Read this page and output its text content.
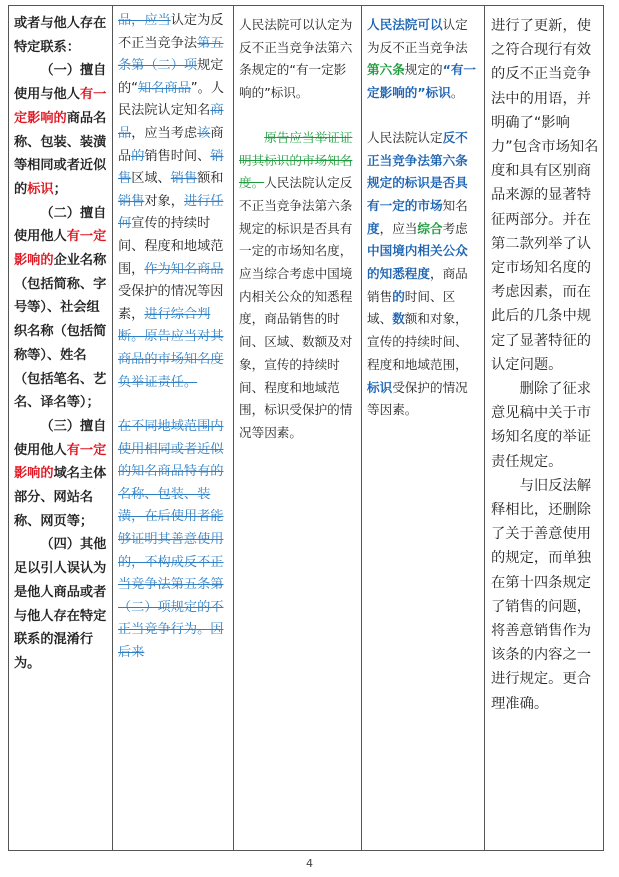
或者与他人存在特定联系：

（一）擅自使用与他人有一定影响的商品名称、包装、装潢等相同或者近似的标识；

（二）擅自使用他人有一定影响的企业名称（包括简称、字号等）、社会组织名称（包括简称等）、姓名（包括笔名、艺名、译名等）；

（三）擅自使用他人有一定影响的域名主体部分、网站名称、网页等；

（四）其他足以引人误认为是他人商品或者与他人存在特定联系的混淆行为。

品，应当认定为反不正当竞争法第五条第（二）项规定的“知名商品”。人民法院认定知名商品，应当考虑该商品的销售时间、销售区域、销售额和销售对象，进行任何宣传的持续时间、程度和地域范围，作为知名商品受保护的情况等因素，进行综合判断。原告应当对其商品的市场知名度负举证责任。

在不同地域范围内使用相同或者近似的知名商品特有的名称、包装、装潢，在后使用者能够证明其善意使用的，不构成反不正当竞争法第五条第（二）项规定的不正当竞争行为。因后来

人民法院可以认定为反不正当竞争法第六条规定的“有一定影响的”标识。

原告应当举证证明其标识的市场知名度。人民法院认定反不正当竞争法第六条规定的标识是否具有一定的市场知名度，应当综合考虑中国境内相关公众的知悉程度，商品销售的时间、区域、数额及对象，宣传的持续时间、程度和地域范围，标识受保护的情况等因素。

人民法院可以认定为反不正当竞争法第六条规定的“有一定影响的”标识。

人民法院认定反不正当竞争法第六条规定的标识是否具有一定的市场知名度，应当综合考虑中国境内相关公众的知悉程度，商品销售的时间、区域、数额和对象，宣传的持续时间、程度和地域范围，标识受保护的情况等因素。

进行了更新，使之符合现行有效的反不正当竞争法中的用语，并明确了“影响力”包含市场知名度和具有区别商品来源的显著特征两部分。并在第二款列举了认定市场知名度的考虑因素，而在此后的几条中规定了显著特征的认定问题。

删除了征求意见稿中关于市场知名度的举证责任规定。

与旧反法解释相比，还删除了关于善意使用的规定，而单独在第十四条规定了销售的问题，将善意销售作为该条的内容之一进行规定。更合理准确。

4
